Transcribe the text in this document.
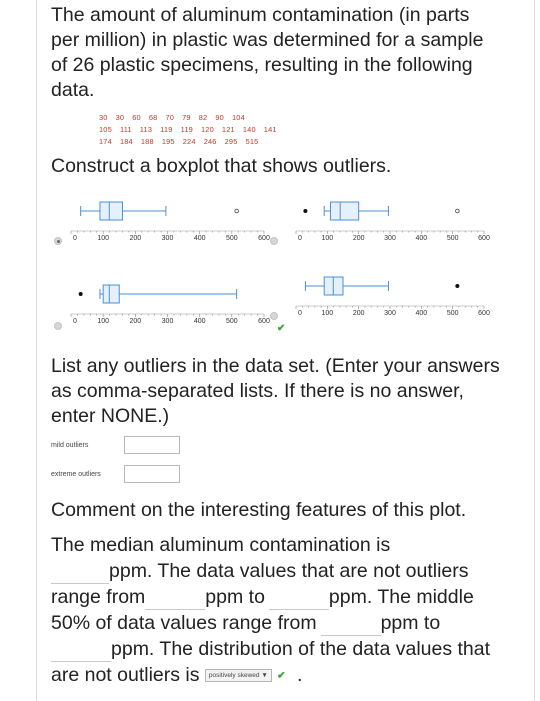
The amount of aluminum contamination (in parts
per million) in plastic was determined for a sample
of 26 plastic specimens, resulting in the following
data.
30 30 60 68 70 79 82 90 104
105 111 113 119 119 120 121 140 141
174 184 188 195 224 246 295 515
Construct a boxplot that shows outliers.
0	100	200	300	400	500	600	0	100	200	300	400	500	600
0	100	200	300	400	500	600
0	100	200	300	400	500	600
✔
List any outliers in the data set. (Enter your answers
as comma-separated lists. If there is no answer,
enter NONE.)
mild outliers
extreme outliers
Comment on the interesting features of this plot.
The median aluminum contamination is
ppm. The data values that are not outliers
range from	ppm to	ppm. The middle
50% of data values range from	ppm to
ppm. The distribution of the data values that
are not outliers is positively skewed ▼ ✔ .
